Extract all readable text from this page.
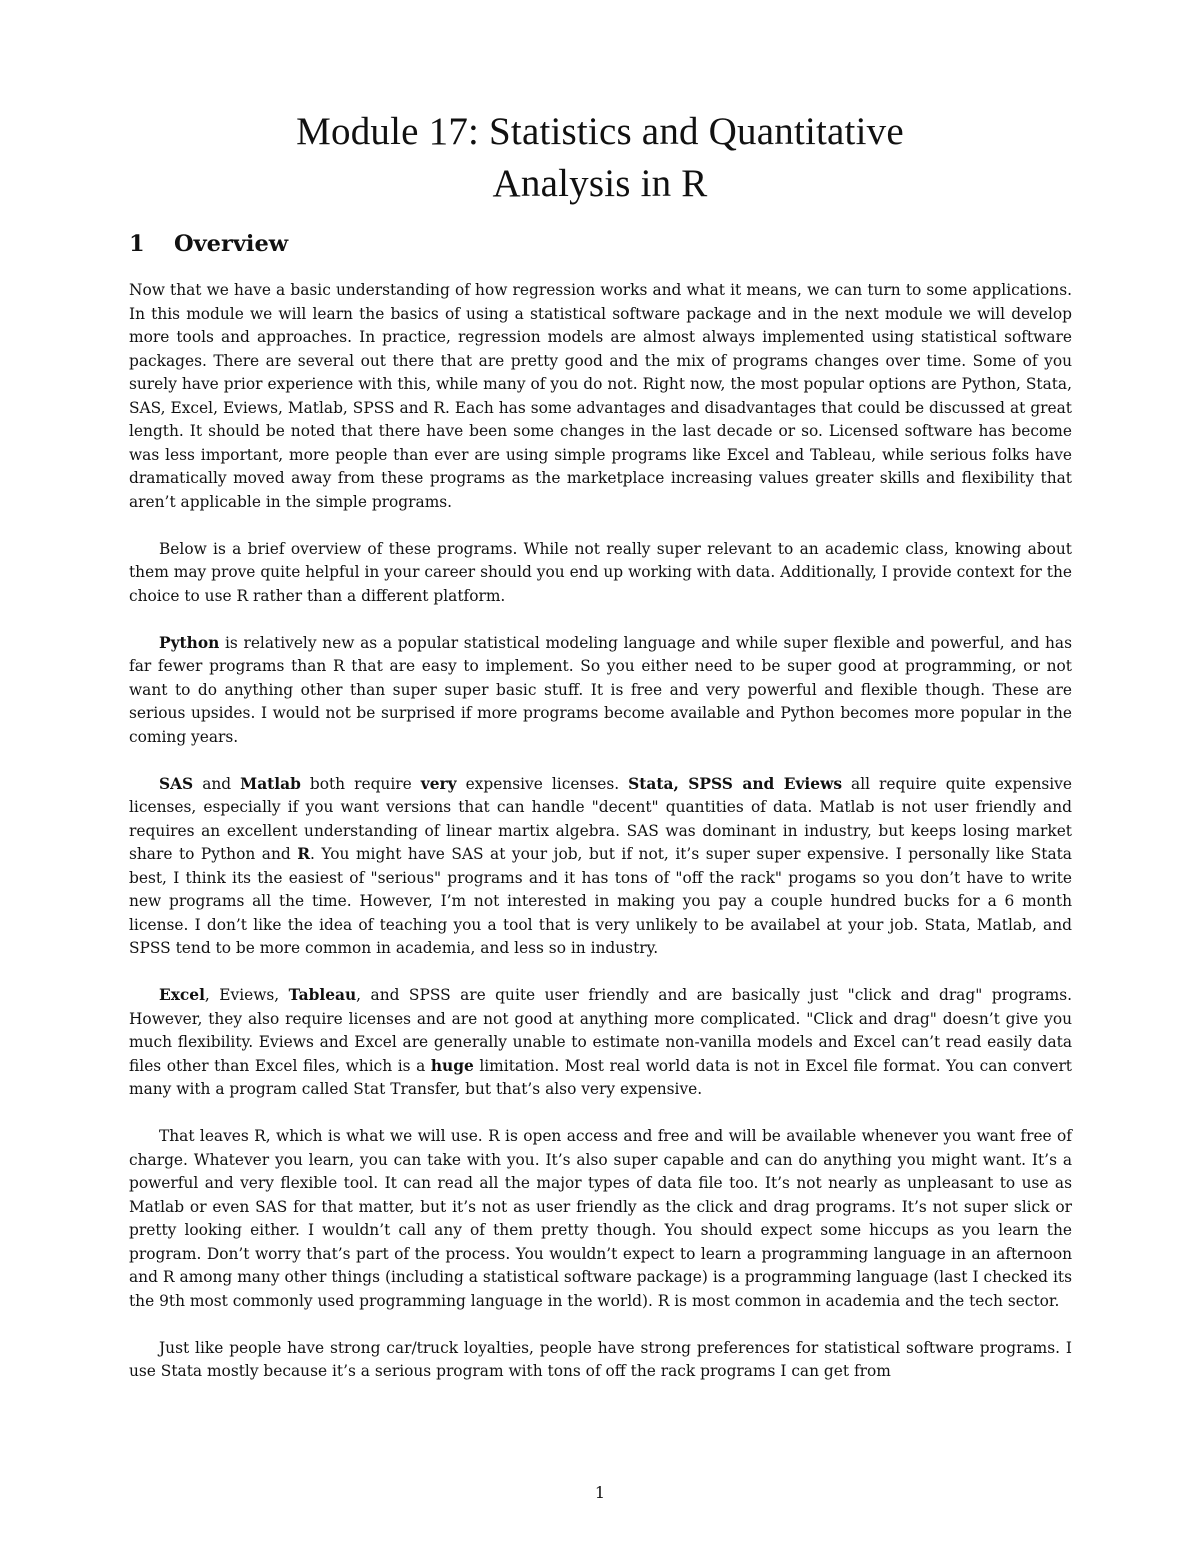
Module 17: Statistics and Quantitative
Analysis in R
1 Overview

Now that we have a basic understanding of how regression works and what it means, we can turn to some applications. In this module we will learn the basics of using a statistical software package and in the next module we will develop more tools and approaches. In practice, regression models are almost always implemented using statistical software packages. There are several out there that are pretty good and the mix of programs changes over time. Some of you surely have prior experience with this, while many of you do not. Right now, the most popular options are Python, Stata, SAS, Excel, Eviews, Matlab, SPSS and R. Each has some advantages and disadvantages that could be discussed at great length. It should be noted that there have been some changes in the last decade or so. Licensed software has become was less important, more people than ever are using simple programs like Excel and Tableau, while serious folks have dramatically moved away from these programs as the marketplace increasing values greater skills and flexibility that aren’t applicable in the simple programs.

Below is a brief overview of these programs. While not really super relevant to an academic class, knowing about them may prove quite helpful in your career should you end up working with data. Additionally, I provide context for the choice to use R rather than a different platform.

Python is relatively new as a popular statistical modeling language and while super flexible and powerful, and has far fewer programs than R that are easy to implement. So you either need to be super good at programming, or not want to do anything other than super super basic stuff. It is free and very powerful and flexible though. These are serious upsides. I would not be surprised if more programs become available and Python becomes more popular in the coming years.

SAS and Matlab both require very expensive licenses. Stata, SPSS and Eviews all require quite expensive licenses, especially if you want versions that can handle "decent" quantities of data. Matlab is not user friendly and requires an excellent understanding of linear martix algebra. SAS was dominant in industry, but keeps losing market share to Python and R. You might have SAS at your job, but if not, it’s super super expensive. I personally like Stata best, I think its the easiest of "serious" programs and it has tons of "off the rack" progams so you don’t have to write new programs all the time. However, I’m not interested in making you pay a couple hundred bucks for a 6 month license. I don’t like the idea of teaching you a tool that is very unlikely to be availabel at your job. Stata, Matlab, and SPSS tend to be more common in academia, and less so in industry.

Excel, Eviews, Tableau, and SPSS are quite user friendly and are basically just "click and drag" programs. However, they also require licenses and are not good at anything more complicated. "Click and drag" doesn’t give you much flexibility. Eviews and Excel are generally unable to estimate non-vanilla models and Excel can’t read easily data files other than Excel files, which is a huge limitation. Most real world data is not in Excel file format. You can convert many with a program called Stat Transfer, but that’s also very expensive.

That leaves R, which is what we will use. R is open access and free and will be available whenever you want free of charge. Whatever you learn, you can take with you. It’s also super capable and can do anything you might want. It’s a powerful and very flexible tool. It can read all the major types of data file too. It’s not nearly as unpleasant to use as Matlab or even SAS for that matter, but it’s not as user friendly as the click and drag programs. It’s not super slick or pretty looking either. I wouldn’t call any of them pretty though. You should expect some hiccups as you learn the program. Don’t worry that’s part of the process. You wouldn’t expect to learn a programming language in an afternoon and R among many other things (including a statistical software package) is a programming language (last I checked its the 9th most commonly used programming language in the world). R is most common in academia and the tech sector.

Just like people have strong car/truck loyalties, people have strong preferences for statistical software programs. I use Stata mostly because it’s a serious program with tons of off the rack programs I can get from

1
